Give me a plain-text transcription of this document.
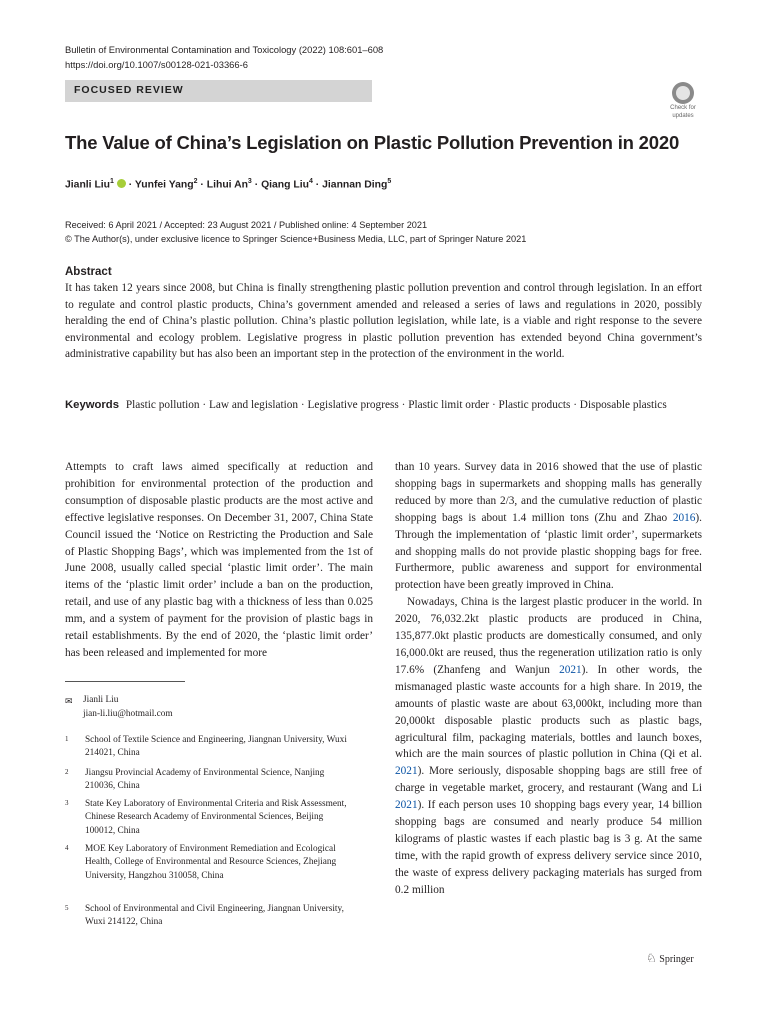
Bulletin of Environmental Contamination and Toxicology (2022) 108:601–608
https://doi.org/10.1007/s00128-021-03366-6
FOCUSED REVIEW
Check for
updates
The Value of China’s Legislation on Plastic Pollution Prevention in 2020
Jianli Liu$^1$  · Yunfei Yang$^2$ · Lihui $An^3$ · Qiang Liu$^4$ · Jiannan Ding$^5$
Received: 6 April 2021 / Accepted: 23 August 2021 / Published online: 4 September 2021
© The Author(s), under exclusive licence to Springer Science+Business Media, LLC, part of Springer Nature 2021
Abstract
It has taken 12 years since 2008, but China is finally strengthening plastic pollution prevention and control through legislation. In an effort to regulate and control plastic products, China’s government amended and released a series of laws and regulations in 2020, possibly heralding the end of China’s plastic pollution. China’s plastic pollution legislation, while late, is a viable and right response to the severe environmental and ecology problem. Legislative progress in plastic pollution prevention has extended beyond China government’s administrative capability but has also been an important step in the protection of the environment in the world.
Keywords Plastic pollution · Law and legislation · Legislative progress · Plastic limit order · Plastic products · Disposable plastics

Attempts to craft laws aimed specifically at reduction and prohibition for environmental protection of the production and consumption of disposable plastic products are the most active and effective legislative responses. On December 31, 2007, China State Council issued the ‘Notice on Restricting the Production and Sale of Plastic Shopping Bags’, which was implemented from the 1st of June 2008, usually called special ‘plastic limit order’. The main items of the ‘plastic limit order’ include a ban on the production, retail, and use of any plastic bag with a thickness of less than 0.025 mm, and a system of payment for the provision of plastic bags in retail establishments. By the end of 2020, the ‘plastic limit order’ has been released and implemented for more

than 10 years. Survey data in 2016 showed that the use of plastic shopping bags in supermarkets and shopping malls has generally reduced by more than 2/3, and the cumulative reduction of plastic shopping bags is about 1.4 million tons (Zhu and Zhao 2016). Through the implementation of ‘plastic limit order’, supermarkets and shopping malls do not provide plastic shopping bags for free. Furthermore, public awareness and support for environmental protection have been greatly improved in China.

Nowadays, China is the largest plastic producer in the world. In 2020, 76,032.2kt plastic products are produced in China, 135,877.0kt plastic products are domestically consumed, and only 16,000.0kt are reused, thus the regeneration utilization ratio is only 17.6% (Zhanfeng and Wanjun 2021). In other words, the mismanaged plastic waste accounts for a high share. In 2019, the amounts of plastic waste are about 63,000kt, including more than 20,000kt disposable plastic products such as plastic bags, agricultural film, packaging materials, bottles and launch boxes, which are the main sources of plastic pollution in China (Qi et al. 2021). More seriously, disposable shopping bags are still free of charge in vegetable market, grocery, and restaurant (Wang and Li 2021). If each person uses 10 shopping bags every year, 14 billion shopping bags are consumed and nearly produce 54 million kilograms of plastic wastes if each plastic bag is 3 g. At the same time, with the rapid growth of express delivery service since 2010, the waste of express delivery packaging materials has surged from 0.2 million

✉ Jianli Liu
jian-li.liu@hotmail.com
1 School of Textile Science and Engineering, Jiangnan University, Wuxi 214021, China
2 Jiangsu Provincial Academy of Environmental Science, Nanjing 210036, China
3 State Key Laboratory of Environmental Criteria and Risk Assessment, Chinese Research Academy of Environmental Sciences, Beijing 100012, China
4 MOE Key Laboratory of Environment Remediation and Ecological Health, College of Environmental and Resource Sciences, Zhejiang University, Hangzhou 310058, China
5 School of Environmental and Civil Engineering, Jiangnan University, Wuxi 214122, China
♘ Springer
